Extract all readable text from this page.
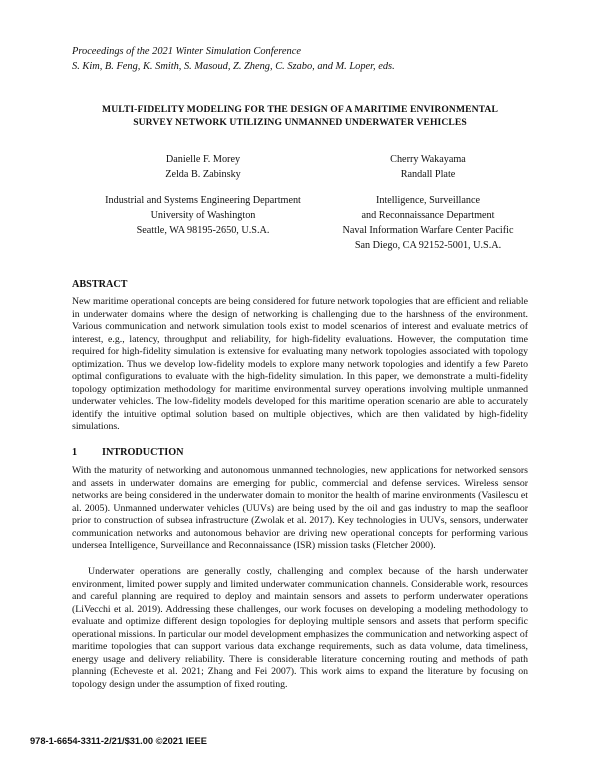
Proceedings of the 2021 Winter Simulation Conference
S. Kim, B. Feng, K. Smith, S. Masoud, Z. Zheng, C. Szabo, and M. Loper, eds.
MULTI-FIDELITY MODELING FOR THE DESIGN OF A MARITIME ENVIRONMENTAL
SURVEY NETWORK UTILIZING UNMANNED UNDERWATER VEHICLES
Danielle F. Morey
Zelda B. Zabinsky
Industrial and Systems Engineering Department
University of Washington
Seattle, WA 98195-2650, U.S.A.
Cherry Wakayama
Randall Plate
Intelligence, Surveillance
and Reconnaissance Department
Naval Information Warfare Center Pacific
San Diego, CA 92152-5001, U.S.A.
ABSTRACT

New maritime operational concepts are being considered for future network topologies that are efficient and reliable in underwater domains where the design of networking is challenging due to the harshness of the environment. Various communication and network simulation tools exist to model scenarios of interest and evaluate metrics of interest, e.g., latency, throughput and reliability, for high-fidelity evaluations. However, the computation time required for high-fidelity simulation is extensive for evaluating many network topologies associated with topology optimization. Thus we develop low-fidelity models to explore many network topologies and identify a few Pareto optimal configurations to evaluate with the high-fidelity simulation. In this paper, we demonstrate a multi-fidelity topology optimization methodology for maritime environmental survey operations involving multiple unmanned underwater vehicles. The low-fidelity models developed for this maritime operation scenario are able to accurately identify the intuitive optimal solution based on multiple objectives, which are then validated by high-fidelity simulations.

1 INTRODUCTION

With the maturity of networking and autonomous unmanned technologies, new applications for networked sensors and assets in underwater domains are emerging for public, commercial and defense services. Wireless sensor networks are being considered in the underwater domain to monitor the health of marine environments (Vasilescu et al. 2005). Unmanned underwater vehicles (UUVs) are being used by the oil and gas industry to map the seafloor prior to construction of subsea infrastructure (Zwolak et al. 2017). Key technologies in UUVs, sensors, underwater communication networks and autonomous behavior are driving new operational concepts for performing various undersea Intelligence, Surveillance and Reconnaissance (ISR) mission tasks (Fletcher 2000).

Underwater operations are generally costly, challenging and complex because of the harsh underwater environment, limited power supply and limited underwater communication channels. Considerable work, resources and careful planning are required to deploy and maintain sensors and assets to perform underwater operations (LiVecchi et al. 2019). Addressing these challenges, our work focuses on developing a modeling methodology to evaluate and optimize different design topologies for deploying multiple sensors and assets that perform specific operational missions. In particular our model development emphasizes the communication and networking aspect of maritime topologies that can support various data exchange requirements, such as data volume, data timeliness, energy usage and delivery reliability. There is considerable literature concerning routing and methods of path planning (Echeveste et al. 2021; Zhang and Fei 2007). This work aims to expand the literature by focusing on topology design under the assumption of fixed routing.

978-1-6654-3311-2/21/$31.00 ©2021 IEEE
